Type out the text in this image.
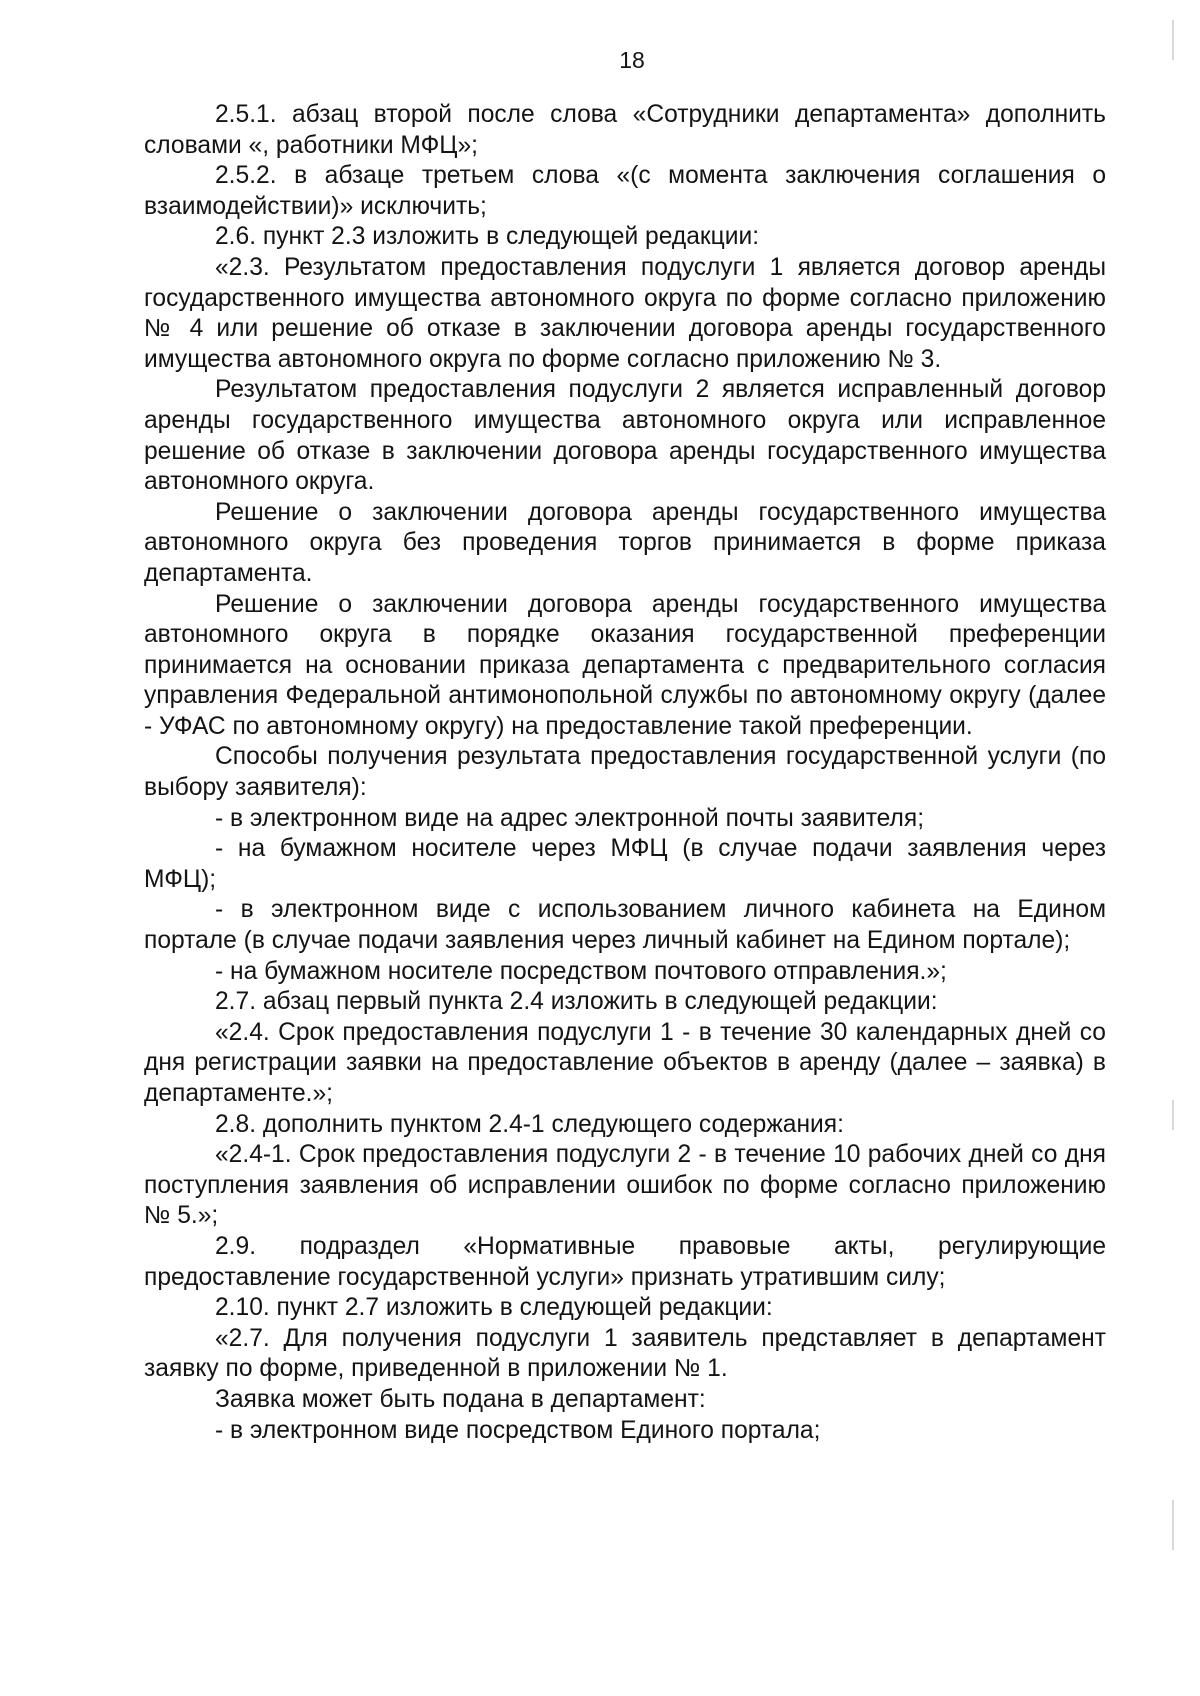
18

2.5.1. абзац второй после слова «Сотрудники департамента» дополнить словами «, работники МФЦ»;

2.5.2. в абзаце третьем слова «(с момента заключения соглашения о взаимодействии)» исключить;

2.6. пункт 2.3 изложить в следующей редакции:

«2.3. Результатом предоставления подуслуги 1 является договор аренды государственного имущества автономного округа по форме согласно приложению № 4 или решение об отказе в заключении договора аренды государственного имущества автономного округа по форме согласно приложению № 3.

Результатом предоставления подуслуги 2 является исправленный договор аренды государственного имущества автономного округа или исправленное решение об отказе в заключении договора аренды государственного имущества автономного округа.

Решение о заключении договора аренды государственного имущества автономного округа без проведения торгов принимается в форме приказа департамента.

Решение о заключении договора аренды государственного имущества автономного округа в порядке оказания государственной преференции принимается на основании приказа департамента с предварительного согласия управления Федеральной антимонопольной службы по автономному округу (далее - УФАС по автономному округу) на предоставление такой преференции.

Способы получения результата предоставления государственной услуги (по выбору заявителя):

- в электронном виде на адрес электронной почты заявителя;

- на бумажном носителе через МФЦ (в случае подачи заявления через МФЦ);

- в электронном виде с использованием личного кабинета на Едином портале (в случае подачи заявления через личный кабинет на Едином портале);

- на бумажном носителе посредством почтового отправления.»;

2.7. абзац первый пункта 2.4 изложить в следующей редакции:

«2.4. Срок предоставления подуслуги 1 - в течение 30 календарных дней со дня регистрации заявки на предоставление объектов в аренду (далее – заявка) в департаменте.»;

2.8. дополнить пунктом 2.4-1 следующего содержания:

«2.4-1. Срок предоставления подуслуги 2 - в течение 10 рабочих дней со дня поступления заявления об исправлении ошибок по форме согласно приложению № 5.»;

2.9. подраздел «Нормативные правовые акты, регулирующие предоставление государственной услуги» признать утратившим силу;

2.10. пункт 2.7 изложить в следующей редакции:

«2.7. Для получения подуслуги 1 заявитель представляет в департамент заявку по форме, приведенной в приложении № 1.

Заявка может быть подана в департамент:

- в электронном виде посредством Единого портала;
